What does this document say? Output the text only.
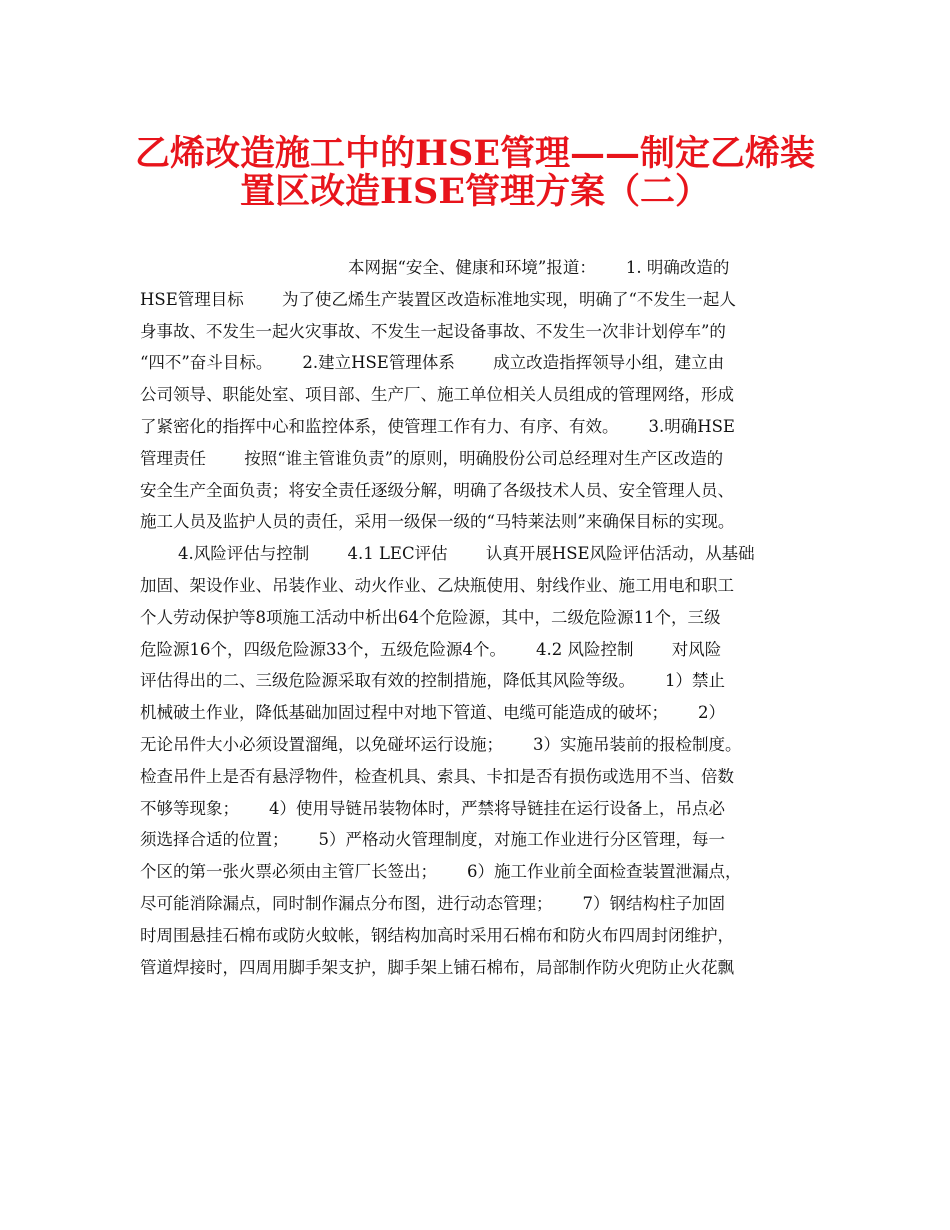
乙烯改造施工中的HSE管理——制定乙烯装
置区改造HSE管理方案（二）
本网据“安全、健康和环境”报道：　　 1. 明确改造的
HSE管理目标　　 为了使乙烯生产装置区改造标准地实现，明确了“不发生一起人
身事故、不发生一起火灾事故、不发生一起设备事故、不发生一次非计划停车”的
“四不”奋斗目标。　　 2.建立HSE管理体系　　 成立改造指挥领导小组，建立由
公司领导、职能处室、项目部、生产厂、施工单位相关人员组成的管理网络，形成
了紧密化的指挥中心和监控体系，使管理工作有力、有序、有效。　　 3.明确HSE
管理责任　　 按照“谁主管谁负责”的原则，明确股份公司总经理对生产区改造的
安全生产全面负责；将安全责任逐级分解，明确了各级技术人员、安全管理人员、
施工人员及监护人员的责任，采用一级保一级的“马特莱法则”来确保目标的实现。
4.风险评估与控制　　 4.1 LEC评估　　 认真开展HSE风险评估活动，从基础
加固、架设作业、吊装作业、动火作业、乙炔瓶使用、射线作业、施工用电和职工
个人劳动保护等8项施工活动中析出64个危险源，其中，二级危险源11个，三级
危险源16个，四级危险源33个，五级危险源4个。　　 4.2 风险控制　　 对风险
评估得出的二、三级危险源采取有效的控制措施，降低其风险等级。　　 1）禁止
机械破土作业，降低基础加固过程中对地下管道、电缆可能造成的破坏；　　 2）
无论吊件大小必须设置溜绳，以免碰坏运行设施；　　 3）实施吊装前的报检制度。
检查吊件上是否有悬浮物件，检查机具、索具、卡扣是否有损伤或选用不当、倍数
不够等现象；　　 4）使用导链吊装物体时，严禁将导链挂在运行设备上，吊点必
须选择合适的位置；　　 5）严格动火管理制度，对施工作业进行分区管理，每一
个区的第一张火票必须由主管厂长签出；　　 6）施工作业前全面检查装置泄漏点，
尽可能消除漏点，同时制作漏点分布图，进行动态管理；　　 7）钢结构柱子加固
时周围悬挂石棉布或防火蚊帐，钢结构加高时采用石棉布和防火布四周封闭维护，
管道焊接时，四周用脚手架支护，脚手架上铺石棉布，局部制作防火兜防止火花飘
